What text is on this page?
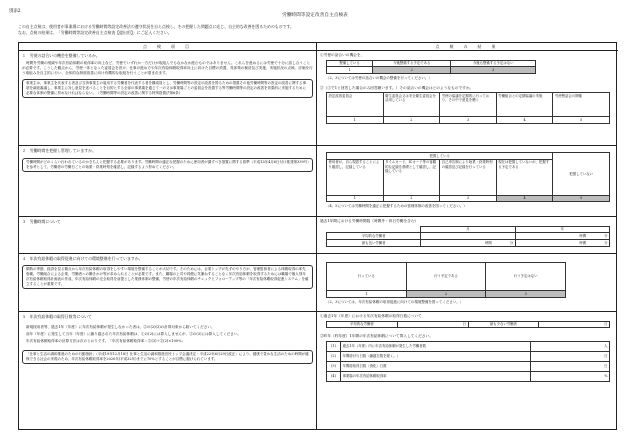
別添2
労働時間等設定改善自主点検表
この自主点検は、使用者が事業場における労働時間等設定改善法の遵守状況を自ら点検し、その把握した問題点に応じ、自主的な改善を図るためのものです。
なお、点検の結果は、「労働時間等設定改善自主点検表【提出用】」にご記入ください。
点　検　項　目	点　検　の　結　果
１　労使の話合いの機会を整備しているか。
時間外労働の削減や年次有給休暇の取得率の向上など、労使でいずれか一方だけが取組んでもなかなか進むものではありません。これらを進めるには労使で十分に話し合うことが必要です。こうした観点から、労使一体となった委員会を設け、仕事の進め方や年次有給休暇取得率向上に向けた目標の設置、具体策の検討及び実施、実施状況の点検、評価を行う取組みを自主的に行い、全体的な制度改善に向け有機的な取組を行うことが望まれます。
事業主は、事業主を代表する者及び当該事業主の雇用する労働者を代表する者を構成員とし、労働時間等の設定の改善を図るための措置その他労働時間等の設定の改善に関する事項を調査審議し、事業主に対し意見を述べることを目的とする全部の事業場を通じて一の又は事業場ごとの委員会を設置する等労働時間等の設定の改善を効果的に実施するために必要な体制の整備に努めなければならない。（労働時間等の設定の改善に関する特別措置法第6条）
①労使の話合いの機会を、
整備している	今後整備する予定である	今後も整備する予定はない
1	2	3
（2、3については労使の話合いの機会の整備を行ってください。）
②（①で1と回答した場合のみ回答願います。）その話合いの機会はどのようなものですか。
設定改善委員会	衛生委員会又は安全衛生委員会を活用している	労使の協議を定期的に行っており、その中で意見を聴く	労働組合との定期協議の実施	労使懇話会の開催
1	2	3	4	5
２　労働時間を把握し管理していますか。
労働時間がどのくらい行われているのかきちんと把握する必要があります。労働時間の適正な把握のために使用者が講ずべき措置に関する基準（平成13年4月6日付け基発第339号）を参考として、労働者の労働日ごとの始業・終業時刻を確認し、記録するよう努めてください。
把握している				把握していない
使用者が、自ら現認することにより確認し、記録している	タイムカード、ICカード等の客観的な記録を基礎として確認し、記録している	自己申告制により始業・終業時刻の確認及び記録を行っている	現在は把握していないが、把握する予定である	
1	2	3	4	5
（4、5については労働時間を適正に把握するための管理体制の改善を図ってください。）
３　労働時間について	過去1年間における労働時間数（時間外・休日労働を含む）
	月	年
平均的な労働者		時間 分
最も長い労働者	時間 分	時間 分
４　年次有給休暇の取得促進に向けての環境整備を行っていますか。
閑散の季節、経済を見る観点から年次有給休暇の取得をしやすい環境を整備することが大切です。そのためには、企業トップが先ずのやり方が、管理監督者による休暇取得の率先垂範、労働組合による企業、労働者への働きかけ等が求められることが必要です。また、職場の上司や同僚に気兼ねすることなく年次有給休暇を取得するためには職場で個人別年次有給休暇取得計画表の作成、年次有給休暇の完全取得を前提とした業務体制の整備、労使の年次有給休暇のチェックとフォローアップ等の「年次有給休暇取得促進システム」を確立することが重要です。
行っている	行う予定である	行う予定はない
1	2	3
（2、3については、年次有給休暇の取得促進に向けての環境整備を図ってください。）
５　年次有給休暇の取得日数等について
新規採用者等、過去1年（年度）に年次有給休暇が発生しなかった者は、②の(2)(3)の計算対象から除いてください。
前年（年度）に発生して当年（年度）に繰り越された年次有給休暇は、①の(2)には算入しませんが、②の(3)には算入してください。
年次有給休暇取得率の計算方法は次のとおりです。「年次有給休暇取得率＝②(3)÷②(2)×100%」
「仕事と生活の調和推進のための行動指針」（平成19年12月18日 仕事と生活の調和推進官民トップ会議決定・平成22年6月29日改正）により、健康で豊かな生活のための時間が確保できる社会の実現のため、年次有給休暇取得率を2020年(平成32年)までに70%とすることが目標に掲げられています。
①過去1年（年度）における年次有給休暇の取得日数について
平均的な労働者	日	最も少ない労働者	日
②昨年（昨年度）1年間の年次有給休暇について算入してください。
(1)	過去1年（年度）内に年次有給休暇が発生した労働者数	人
(2)	年間総付与日数（繰越日数を除く。）	日
(3)	年間総取得日数（消化）日数	日
(4)	事業場の年次有給休暇取得率	%
